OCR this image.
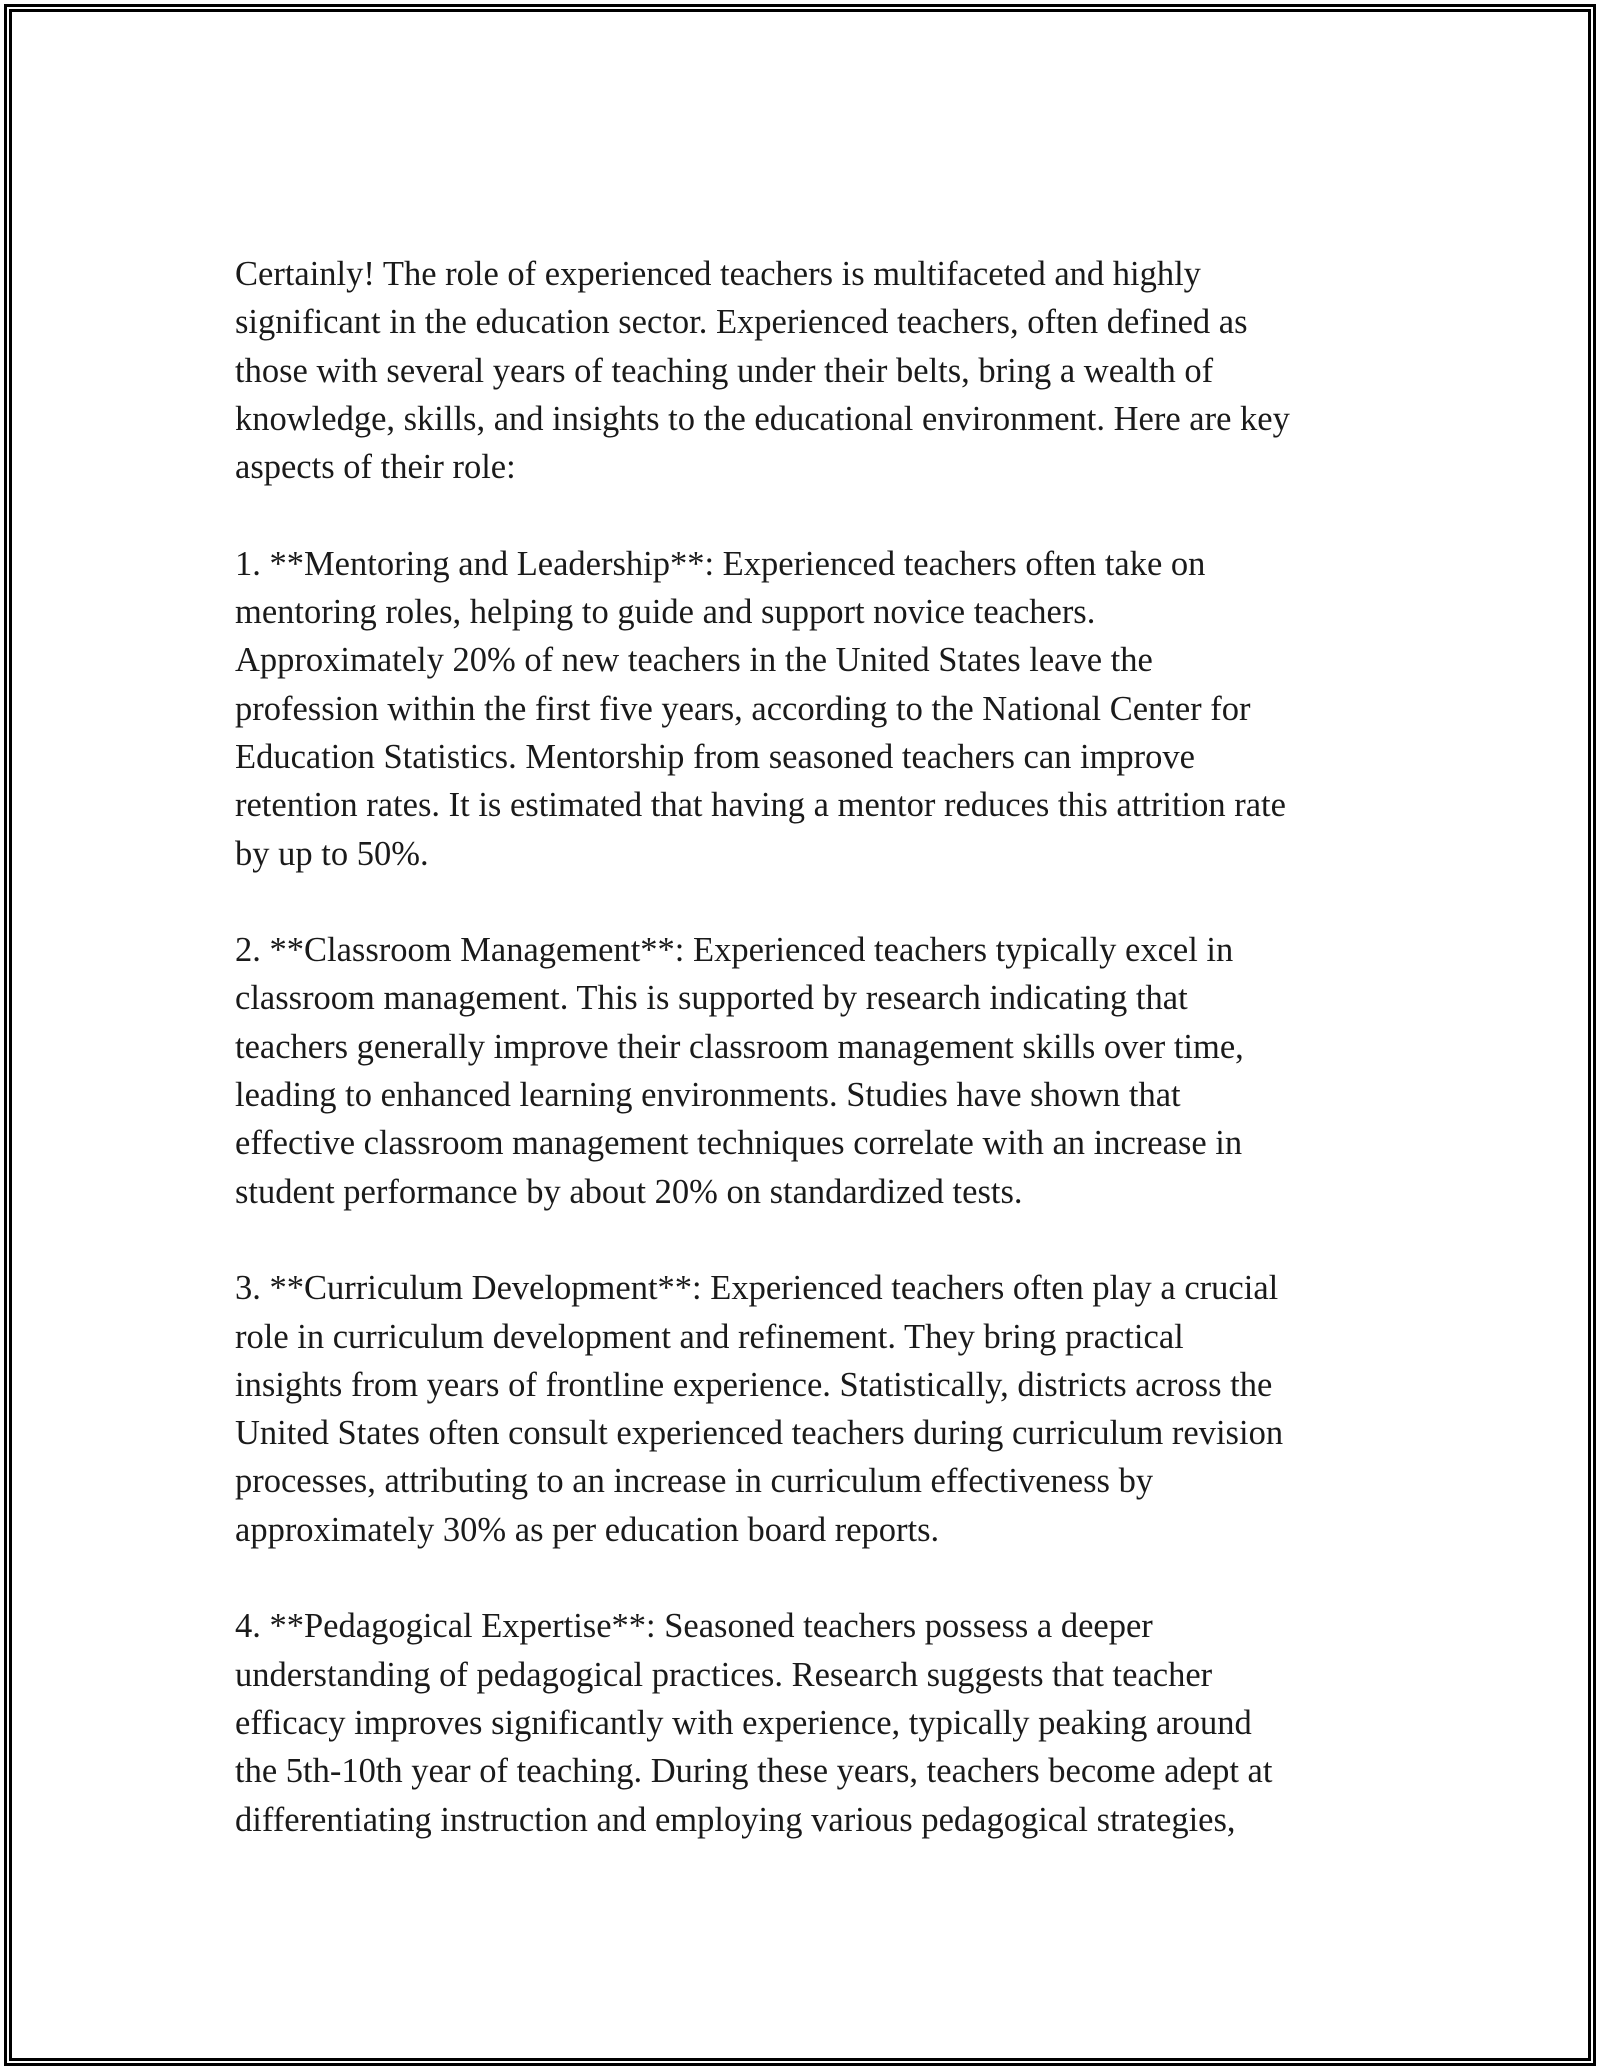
Certainly! The role of experienced teachers is multifaceted and highly
significant in the education sector. Experienced teachers, often defined as
those with several years of teaching under their belts, bring a wealth of
knowledge, skills, and insights to the educational environment. Here are key
aspects of their role:
1. **Mentoring and Leadership**: Experienced teachers often take on
mentoring roles, helping to guide and support novice teachers.
Approximately 20% of new teachers in the United States leave the
profession within the first five years, according to the National Center for
Education Statistics. Mentorship from seasoned teachers can improve
retention rates. It is estimated that having a mentor reduces this attrition rate
by up to 50%.
2. **Classroom Management**: Experienced teachers typically excel in
classroom management. This is supported by research indicating that
teachers generally improve their classroom management skills over time,
leading to enhanced learning environments. Studies have shown that
effective classroom management techniques correlate with an increase in
student performance by about 20% on standardized tests.
3. **Curriculum Development**: Experienced teachers often play a crucial
role in curriculum development and refinement. They bring practical
insights from years of frontline experience. Statistically, districts across the
United States often consult experienced teachers during curriculum revision
processes, attributing to an increase in curriculum effectiveness by
approximately 30% as per education board reports.
4. **Pedagogical Expertise**: Seasoned teachers possess a deeper
understanding of pedagogical practices. Research suggests that teacher
efficacy improves significantly with experience, typically peaking around
the 5th-10th year of teaching. During these years, teachers become adept at
differentiating instruction and employing various pedagogical strategies,
